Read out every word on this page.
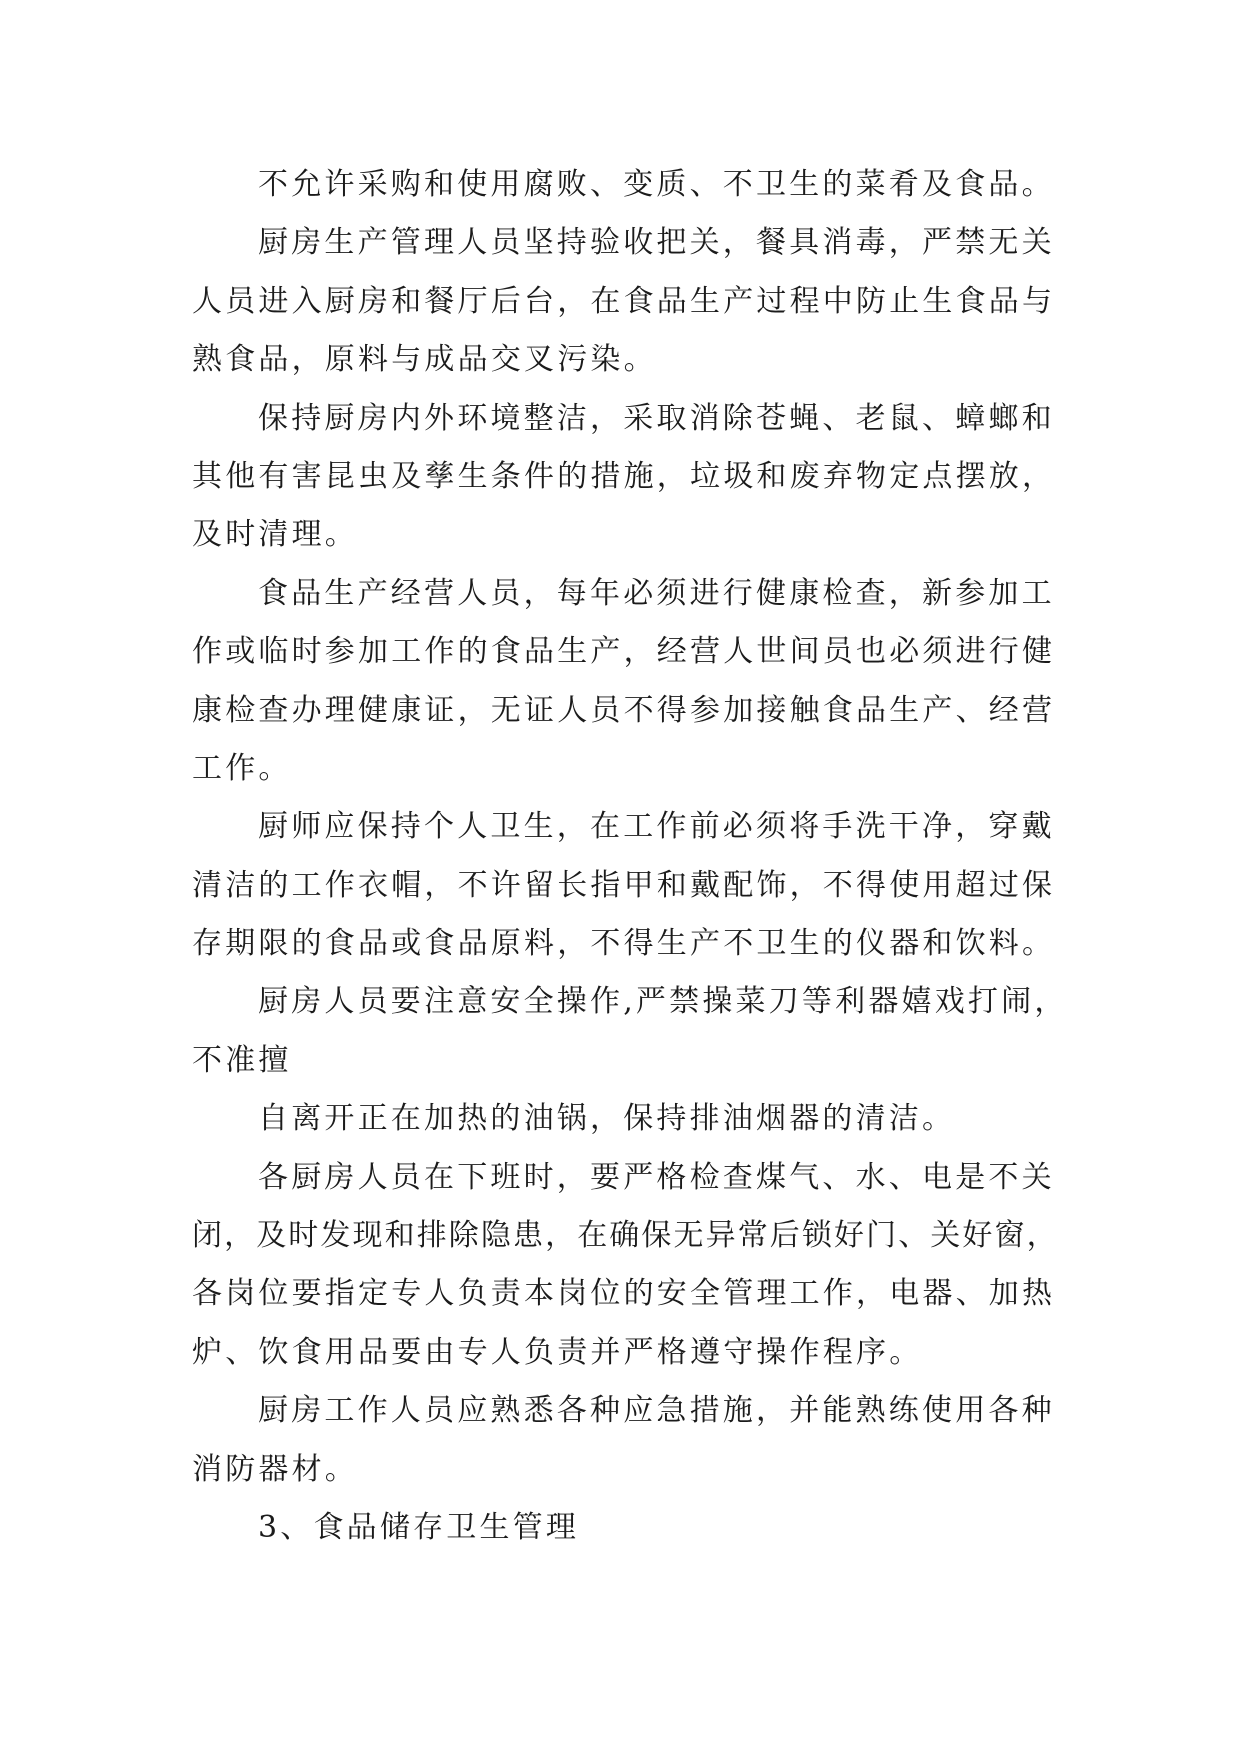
不允许采购和使用腐败、变质、不卫生的菜肴及食品。
厨房生产管理人员坚持验收把关，餐具消毒，严禁无关
人员进入厨房和餐厅后台，在食品生产过程中防止生食品与
熟食品，原料与成品交叉污染。
保持厨房内外环境整洁，采取消除苍蝇、老鼠、蟑螂和
其他有害昆虫及孳生条件的措施，垃圾和废弃物定点摆放，
及时清理。
食品生产经营人员，每年必须进行健康检查，新参加工
作或临时参加工作的食品生产，经营人世间员也必须进行健
康检查办理健康证，无证人员不得参加接触食品生产、经营
工作。
厨师应保持个人卫生，在工作前必须将手洗干净，穿戴
清洁的工作衣帽，不许留长指甲和戴配饰，不得使用超过保
存期限的食品或食品原料，不得生产不卫生的仪器和饮料。
厨房人员要注意安全操作,严禁操菜刀等利器嬉戏打闹，
不准擅
自离开正在加热的油锅，保持排油烟器的清洁。
各厨房人员在下班时，要严格检查煤气、水、电是不关
闭，及时发现和排除隐患，在确保无异常后锁好门、关好窗，
各岗位要指定专人负责本岗位的安全管理工作，电器、加热
炉、饮食用品要由专人负责并严格遵守操作程序。
厨房工作人员应熟悉各种应急措施，并能熟练使用各种
消防器材。
3、食品储存卫生管理
